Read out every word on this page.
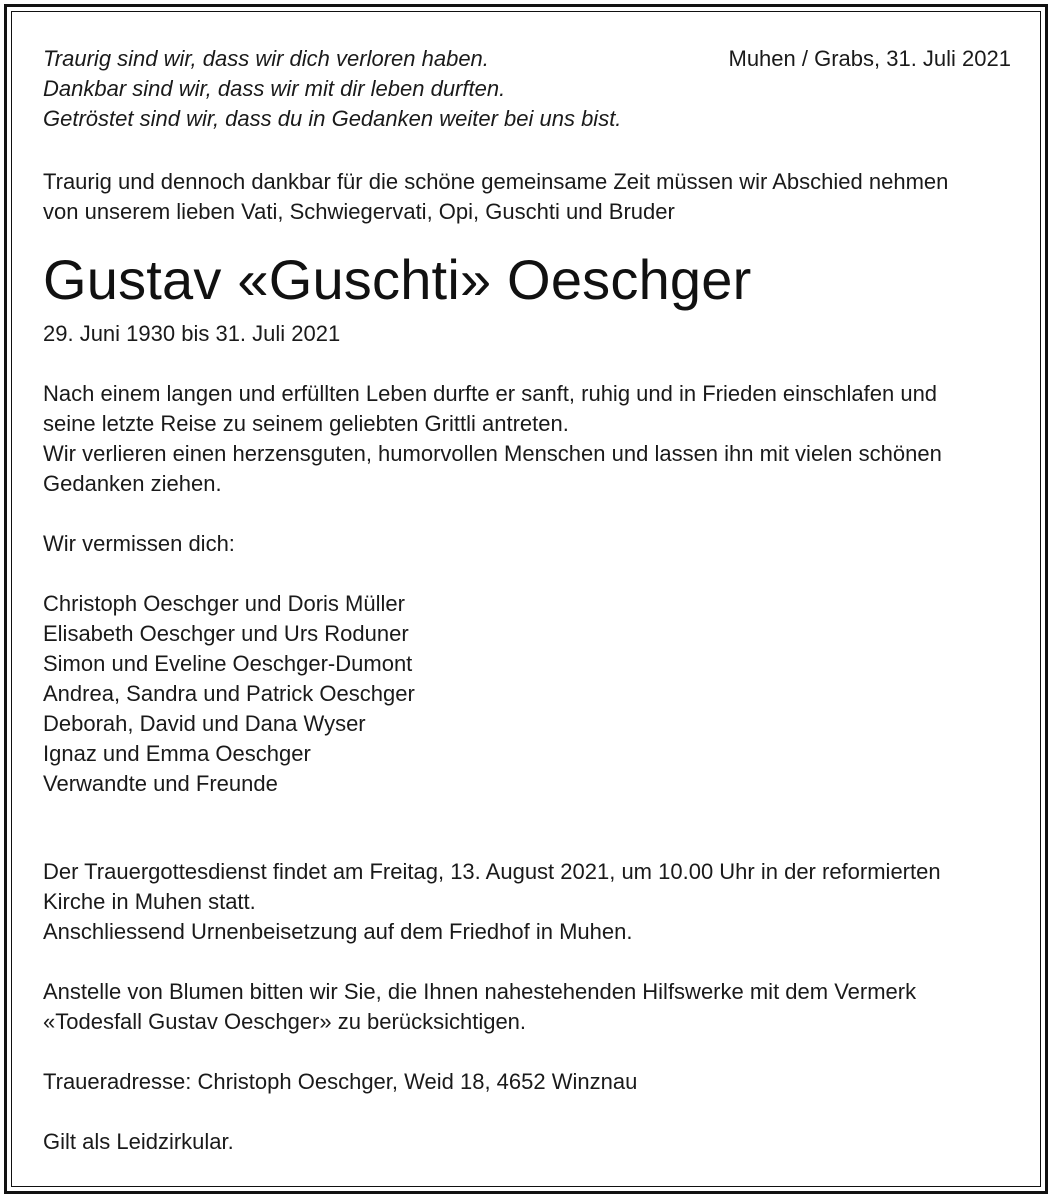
Traurig sind wir, dass wir dich verloren haben.
Dankbar sind wir, dass wir mit dir leben durften.
Getröstet sind wir, dass du in Gedanken weiter bei uns bist.
Muhen / Grabs, 31. Juli 2021
Traurig und dennoch dankbar für die schöne gemeinsame Zeit müssen wir Abschied nehmen
von unserem lieben Vati, Schwiegervati, Opi, Guschti und Bruder
Gustav «Guschti» Oeschger
29. Juni 1930 bis 31. Juli 2021
Nach einem langen und erfüllten Leben durfte er sanft, ruhig und in Frieden einschlafen und
seine letzte Reise zu seinem geliebten Grittli antreten.
Wir verlieren einen herzensguten, humorvollen Menschen und lassen ihn mit vielen schönen
Gedanken ziehen.
Wir vermissen dich:
Christoph Oeschger und Doris Müller
Elisabeth Oeschger und Urs Roduner
Simon und Eveline Oeschger-Dumont
Andrea, Sandra und Patrick Oeschger
Deborah, David und Dana Wyser
Ignaz und Emma Oeschger
Verwandte und Freunde
Der Trauergottesdienst findet am Freitag, 13. August 2021, um 10.00 Uhr in der reformierten
Kirche in Muhen statt.
Anschliessend Urnenbeisetzung auf dem Friedhof in Muhen.
Anstelle von Blumen bitten wir Sie, die Ihnen nahestehenden Hilfswerke mit dem Vermerk
«Todesfall Gustav Oeschger» zu berücksichtigen.
Traueradresse: Christoph Oeschger, Weid 18, 4652 Winznau
Gilt als Leidzirkular.
